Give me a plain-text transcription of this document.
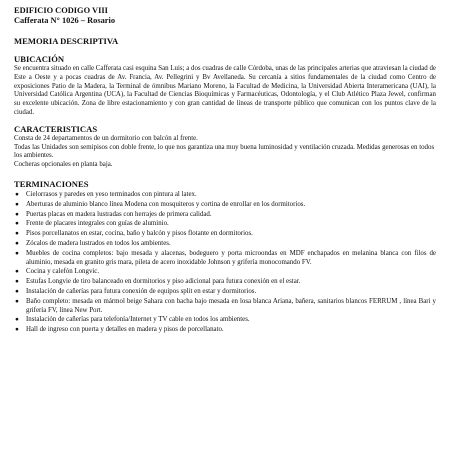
EDIFICIO CODIGO VIII

Cafferata N° 1026 – Rosario

MEMORIA DESCRIPTIVA

UBICACIÓN

Se encuentra situado en calle Cafferata casi esquina San Luis; a dos cuadras de calle Córdoba, unas de las principales arterias que atraviesan la ciudad de Este a Oeste y a pocas cuadras de Av. Francia, Av. Pellegrini y Bv Avellaneda. Su cercanía a sitios fundamentales de la ciudad como Centro de exposiciones Patio de la Madera, la Terminal de ómnibus Mariano Moreno, la Facultad de Medicina, la Universidad Abierta Interamericana (UAI), la Universidad Católica Argentina (UCA), la Facultad de Ciencias Bioquímicas y Farmacéuticas, Odontología, y el Club Atlético Plaza Jewel, confirman su excelente ubicación. Zona de libre estacionamiento y con gran cantidad de líneas de transporte público que comunican con los puntos clave de la ciudad.

CARACTERISTICAS

Consta de 24 departamentos de un dormitorio con balcón al frente.

Todas las Unidades son semipisos con doble frente, lo que nos garantiza una muy buena luminosidad y ventilación cruzada. Medidas generosas en todos los ambientes.

Cocheras opcionales en planta baja.

TERMINACIONES

● Cielorrasos y paredes en yeso terminados con pintura al latex.
● Aberturas de aluminio blanco línea Modena con mosquiteros y cortina de enrollar en los dormitorios.
● Puertas placas en madera lustradas con herrajes de primera calidad.
● Frente de placares integrales con guías de aluminio.
● Pisos porcellanatos en estar, cocina, baño y balcón y pisos flotante en dormitorios.
● Zócalos de madera lustrados en todos los ambientes.
● Muebles de cocina completos: bajo mesada y alacenas, bodeguero y porta microondas en MDF enchapados en melanina blanca con filos de aluminio, mesada en granito gris mara, pileta de acero inoxidable Johnson y grifería monocomando FV.
● Cocina y calefón Longvic.
● Estufas Longvie de tiro balanceado en dormitorios y piso adicional para futura conexión en el estar.
● Instalación de cañerías para futura conexión de equipos split en estar y dormitorios.
● Baño completo: mesada en mármol beige Sahara con bacha bajo mesada en losa blanca Ariana, bañera, sanitarios blancos FERRUM , línea Bari y grifería FV, línea New Port.
● Instalación de cañerías para telefonía/Internet y TV cable en todos los ambientes.
● Hall de ingreso con puerta y detalles en madera y pisos de porcellanato.
